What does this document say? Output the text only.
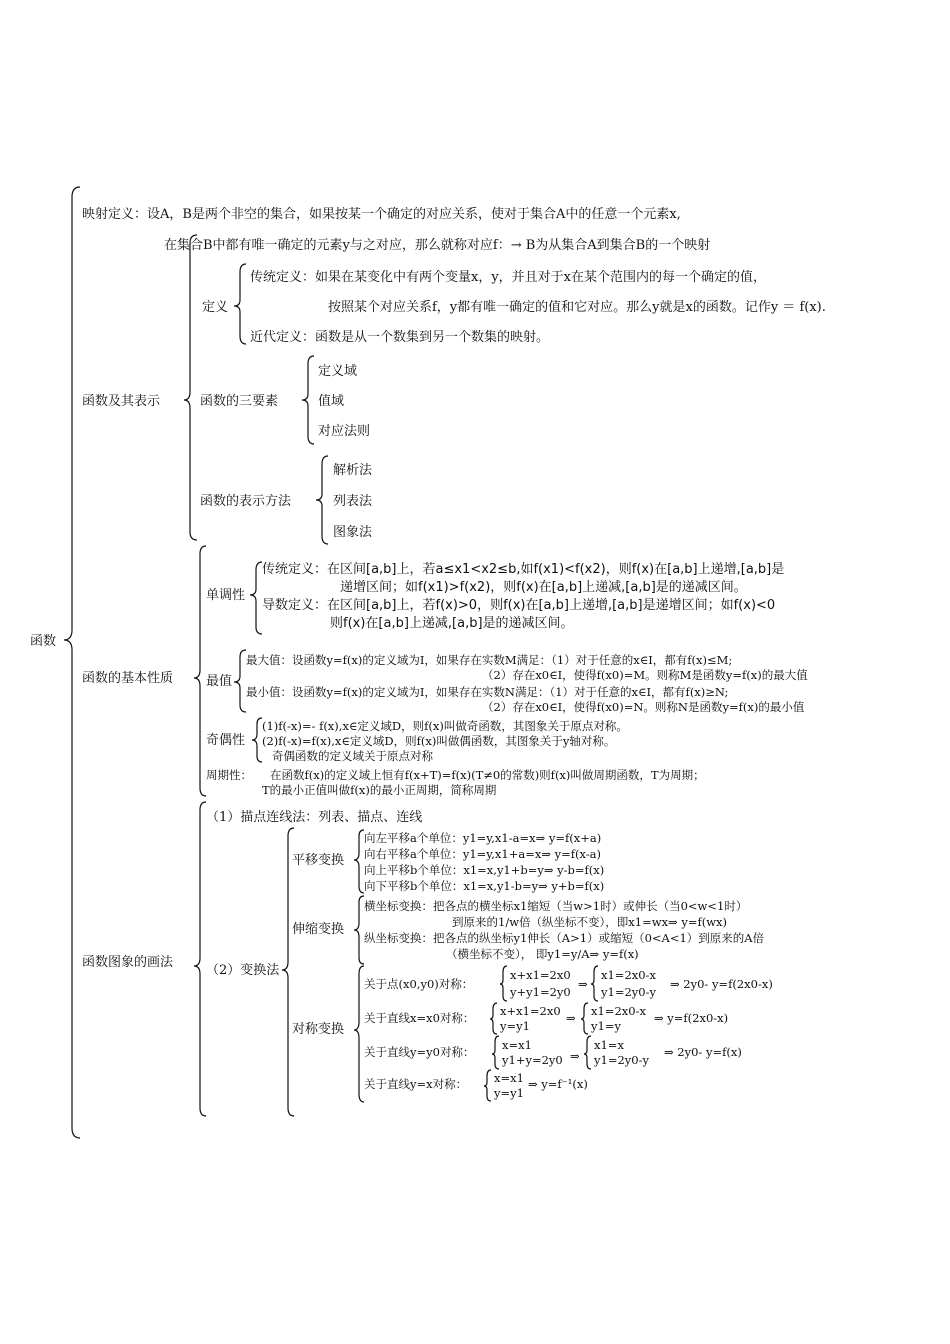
函数
映射定义：设A，B是两个非空的集合，如果按某一个确定的对应关系，使对于集合A中的任意一个元素x,
在集合B中都有唯一确定的元素y与之对应，那么就称对应f：→ B为从集合A到集合B的一个映射
函数及其表示
定义
传统定义：如果在某变化中有两个变量x，y，并且对于x在某个范围内的每一个确定的值，
按照某个对应关系f，y都有唯一确定的值和它对应。那么y就是x的函数。记作y ＝ f(x).
近代定义：函数是从一个数集到另一个数集的映射。
函数的三要素
定义域
值域
对应法则
函数的表示方法
解析法
列表法
图象法
函数的基本性质
单调性
传统定义：在区间[a,b]上，若a≤x1<x2≤b,如f(x1)<f(x2)，则f(x)在[a,b]上递增,[a,b]是
递增区间；如f(x1)>f(x2)，则f(x)在[a,b]上递减,[a,b]是的递减区间。
导数定义：在区间[a,b]上，若f(x)>0，则f(x)在[a,b]上递增,[a,b]是递增区间；如f(x)<0
则f(x)在[a,b]上递减,[a,b]是的递减区间。
最值
最大值：设函数y=f(x)的定义域为I，如果存在实数M满足：（1）对于任意的x∈I，都有f(x)≤M;
（2）存在x0∈I，使得f(x0)=M。则称M是函数y=f(x)的最大值
最小值：设函数y=f(x)的定义域为I，如果存在实数N满足：（1）对于任意的x∈I，都有f(x)≥N;
（2）存在x0∈I，使得f(x0)=N。则称N是函数y=f(x)的最小值
奇偶性
(1)f(-x)=- f(x),x∈定义域D，则f(x)叫做奇函数，其图象关于原点对称。
(2)f(-x)=f(x),x∈定义域D，则f(x)叫做偶函数，其图象关于y轴对称。
奇偶函数的定义域关于原点对称
周期性： 在函数f(x)的定义域上恒有f(x+T)=f(x)(T≠0的常数)则f(x)叫做周期函数，T为周期；
T的最小正值叫做f(x)的最小正周期，简称周期
函数图象的画法
（1）描点连线法：列表、描点、连线
（2）变换法
平移变换
向左平移a个单位：y1=y,x1-a=x⇒ y=f(x+a)
向右平移a个单位：y1=y,x1+a=x⇒ y=f(x-a)
向上平移b个单位：x1=x,y1+b=y⇒ y-b=f(x)
向下平移b个单位：x1=x,y1-b=y⇒ y+b=f(x)
伸缩变换
横坐标变换：把各点的横坐标x1缩短（当w>1时）或伸长（当0<w<1时）
到原来的1/w倍（纵坐标不变），即x1=wx⇒ y=f(wx)
纵坐标变换：把各点的纵坐标y1伸长（A>1）或缩短（0<A<1）到原来的A倍
（横坐标不变）， 即y1=y/A⇒ y=f(x)
对称变换
关于点(x0,y0)对称：
x+x1=2x0
y+y1=2y0
⇒
x1=2x0-x
y1=2y0-y
⇒ 2y0- y=f(2x0-x)
关于直线x=x0对称： x+x1=2x0
y=y1
⇒ x1=2x0-x
y1=y
⇒ y=f(2x0-x)
关于直线y=y0对称： x=x1
y1+y=2y0 ⇒
x1=x
y1=2y0-y
⇒ 2y0- y=f(x)
关于直线y=x对称： x=x1
y=y1
⇒ y=f⁻¹(x)
